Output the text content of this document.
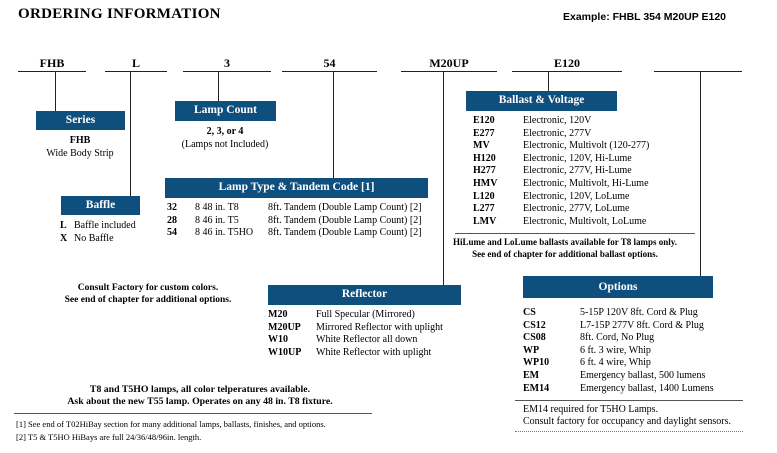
ORDERING INFORMATION	Example: FHBL 354 M20UP E120
FHB	L	3	54	M20UP	E120
Series
FHB
Wide Body Strip
Lamp Count
2, 3, or 4
(Lamps not Included)
Baffle
L	Baffle included
X	No Baffle
Lamp Type & Tandem Code [1]
32	8 48 in. T8	8ft. Tandem (Double Lamp Count) [2]
28	8 46 in. T5	8ft. Tandem (Double Lamp Count) [2]
54	8 46 in. T5HO	8ft. Tandem (Double Lamp Count) [2]
Ballast & Voltage
E120	Electronic, 120V
E277	Electronic, 277V
MV	Electronic, Multivolt (120-277)
H120	Electronic, 120V, Hi-Lume
H277	Electronic, 277V, Hi-Lume
HMV	Electronic, Multivolt, Hi-Lume
L120	Electronic, 120V, LoLume
L277	Electronic, 277V, LoLume
LMV	Electronic, Multivolt, LoLume
HiLume and LoLume ballasts available for T8 lamps only.
See end of chapter for additional ballast options.
Consult Factory for custom colors.
See end of chapter for additional options.	Reflector
M20	Full Specular (Mirrored)
M20UP	Mirrored Reflector with uplight
W10	White Reflector all down
W10UP	White Reflector with uplight
Options
CS	5-15P 120V 8ft. Cord & Plug
CS12	L7-15P 277V 8ft. Cord & Plug
CS08	8ft. Cord, No Plug
WP	6 ft. 3 wire, Whip
WP10	6 ft. 4 wire, Whip
EM	Emergency ballast, 500 lumens
EM14	Emergency ballast, 1400 Lumens
EM14 required for T5HO Lamps.
Consult factory for occupancy and daylight sensors.
T8 and T5HO lamps, all color telperatures available.
Ask about the new T55 lamp. Operates on any 48 in. T8 fixture.
[1] See end of T02HiBay section for many additional lamps, ballasts, finishes, and options.
[2] T5 & T5HO HiBays are full 24/36/48/96in. length.
